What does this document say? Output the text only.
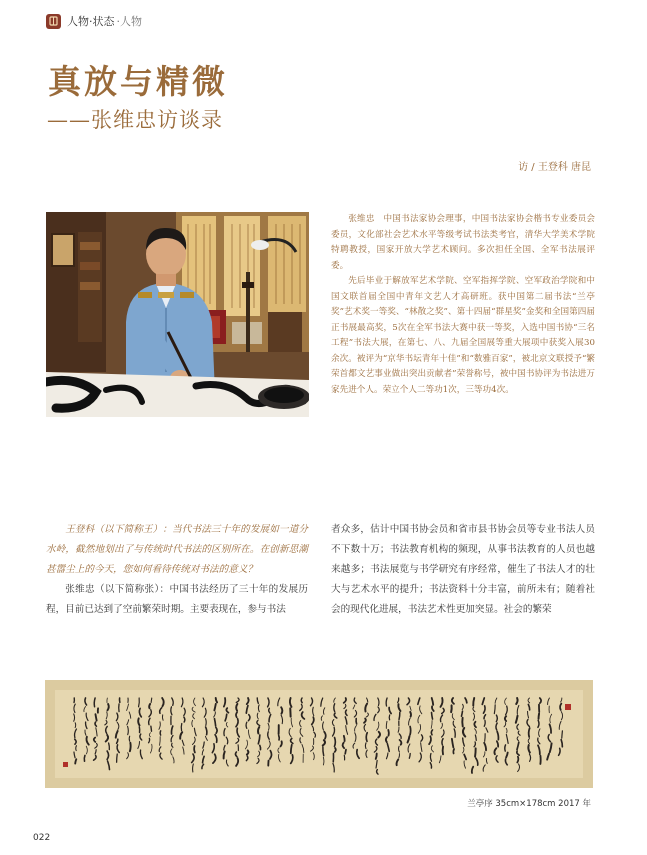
人物·状态 ·人物
真放与精微
——张维忠访谈录
访 / 王登科 唐昆

张维忠　中国书法家协会理事，中国书法家协会楷书专业委员会委员，文化部社会艺术水平等级考试书法类考官，清华大学美术学院特聘教授，国家开放大学艺术顾问。多次担任全国、全军书法展评委。

先后毕业于解放军艺术学院、空军指挥学院、空军政治学院和中国文联首届全国中青年文艺人才高研班。获中国第二届书法“兰亭奖”艺术奖一等奖、“林散之奖”、第十四届“群星奖”金奖和全国第四届正书展最高奖，5次在全军书法大赛中获一等奖，入选中国书协“三名工程”书法大展，在第七、八、九届全国展等重大展项中获奖入展30余次。被评为“京华书坛青年十佳”和“数雅百家”，被北京文联授予“繁荣首都文艺事业做出突出贡献者”荣誉称号，被中国书协评为书法进万家先进个人。荣立个人二等功1次，三等功4次。

王登科（以下简称王）：当代书法三十年的发展如一道分水岭，截然地划出了与传统时代书法的区别所在。在创新思潮甚嚣尘上的今天，您如何看待传统对书法的意义？

张维忠（以下简称张）：中国书法经历了三十年的发展历程，目前已达到了空前繁荣时期。主要表现在，参与书法

者众多，估计中国书协会员和省市县书协会员等专业书法人员不下数十万；书法教育机构的频现，从事书法教育的人员也越来越多；书法展览与书学研究有序经常，催生了书法人才的壮大与艺术水平的提升；书法资料十分丰富，前所未有；随着社会的现代化进展，书法艺术性更加突显。社会的繁荣

兰亭序 35cm×178cm 2017 年
022
